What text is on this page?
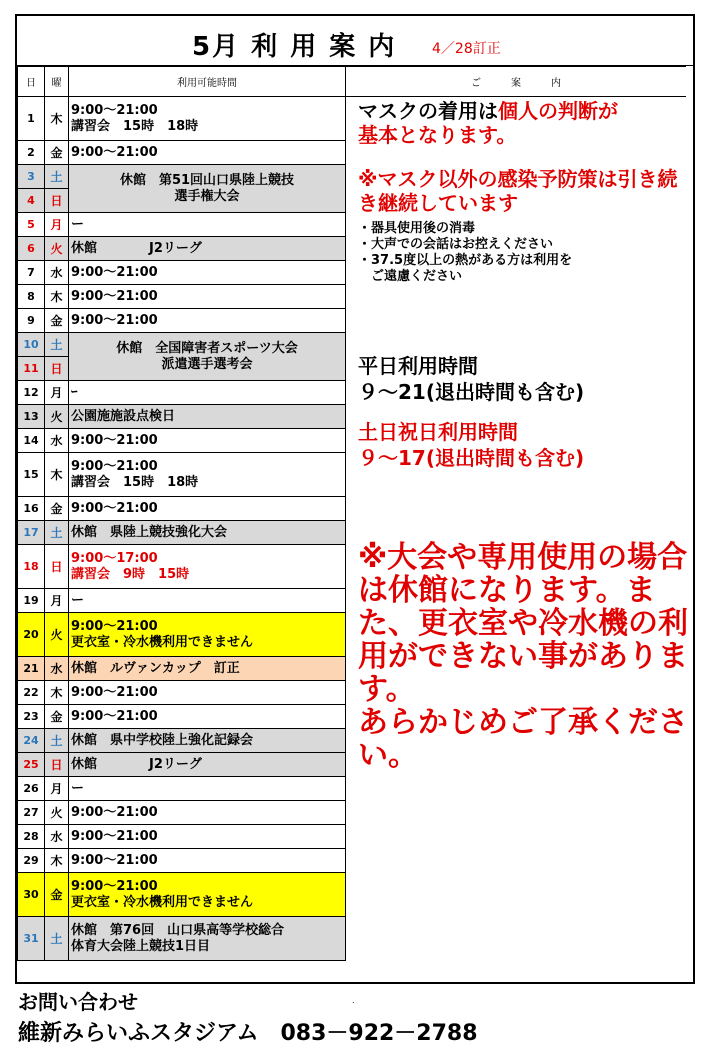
5月 利 用 案 内	4／28訂正
日	曜	利用可能時間	ご　　　案　　　内
1	木	9:00～21:00
講習会　15時　18時	
2	金	9:00～21:00	
3	土	休館　第51回山口県陸上競技
選手権大会	
4	日		
5	月	ー	
6	火	休館　　　　J2リーグ	
7	水	9:00～21:00	
8	木	9:00～21:00	
9	金	9:00～21:00	
10	土	休館　全国障害者スポーツ大会
派遣選手選考会	
11	日		
12	月	ｰ	
13	火	公園施施設点検日	
14	水	9:00～21:00	
15	木	9:00～21:00
講習会　15時　18時	
16	金	9:00～21:00	
17	土	休館　県陸上競技強化大会	
18	日	9:00～17:00
講習会　9時　15時	
19	月	ー	
20	火	9:00～21:00
更衣室・冷水機利用できません	
21	水	休館　ルヴァンカップ　訂正	
22	木	9:00～21:00	
23	金	9:00～21:00	
24	土	休館　県中学校陸上強化記録会	
25	日	休館　　　　J2リーグ	
26	月	ー	
27	火	9:00～21:00	
28	水	9:00～21:00	
29	木	9:00～21:00	
30	金	9:00～21:00
更衣室・冷水機利用できません	
31	土	休館　第76回　山口県高等学校総合
体育大会陸上競技1日目	
マスクの着用は個人の判断が
基本となります。
※マスク以外の感染予防策は引き続き継続しています
・器具使用後の消毒
・大声での会話はお控えください
・37.5度以上の熱がある方は利用を
　ご遠慮ください
平日利用時間
９～21(退出時間も含む)
土日祝日利用時間
９～17(退出時間も含む)
※大会や専用使用の場合は休館になります。また、更衣室や冷水機の利用ができない事があります。
あらかじめご了承ください。
お問い合わせ	.
維新みらいふスタジアム　083－922－2788
